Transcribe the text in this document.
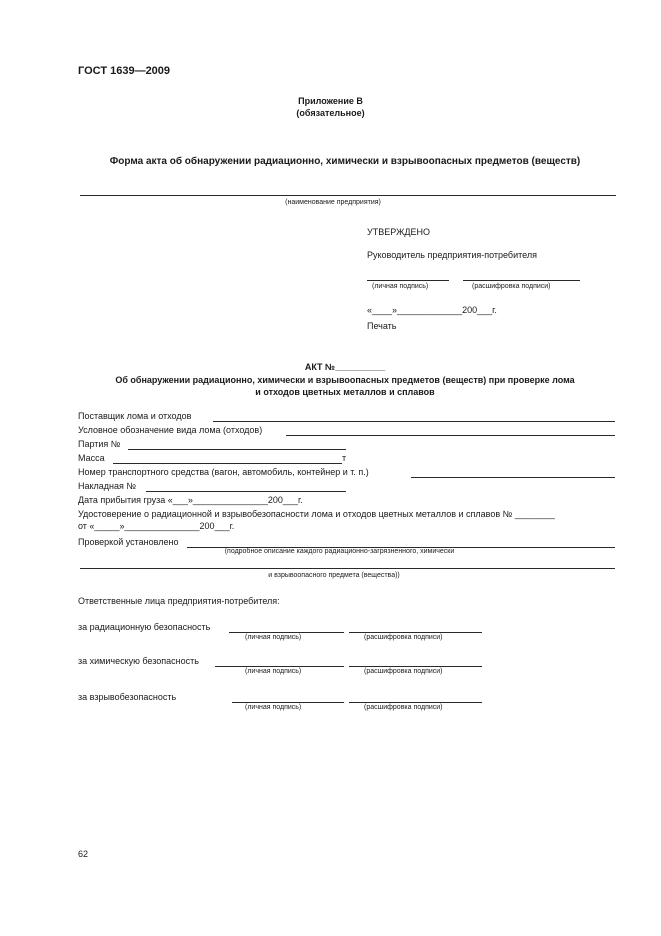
ГОСТ 1639—2009
Приложение В
(обязательное)
Форма акта об обнаружении радиационно, химически и взрывоопасных предметов (веществ)
(наименование предприятия)
УТВЕРЖДЕНО
Руководитель предприятия-потребителя
(личная подпись)	(расшифровка подписи)
«____»_____________200___г.
Печать
АКТ №__________
Об обнаружении радиационно, химически и взрывоопасных предметов (веществ) при проверке лома
и отходов цветных металлов и сплавов
Поставщик лома и отходов
Условное обозначение вида лома (отходов)
Партия №
Масса	т
Номер транспортного средства (вагон, автомобиль, контейнер и т. п.)
Накладная №
Дата прибытия груза «___»_______________200___г.
Удостоверение о радиационной и взрывобезопасности лома и отходов цветных металлов и сплавов № ________
от «_____»_______________200___г.
Проверкой установлено
(подробное описание каждого радиационно-загрязненного, химически
и взрывоопасного предмета (вещества))
Ответственные лица предприятия-потребителя:
за радиационную безопасность
(личная подпись)	(расшифровка подписи)
за химическую безопасность
(личная подпись)	(расшифровка подписи)
за взрывобезопасность
(личная подпись)	(расшифровка подписи)
62
